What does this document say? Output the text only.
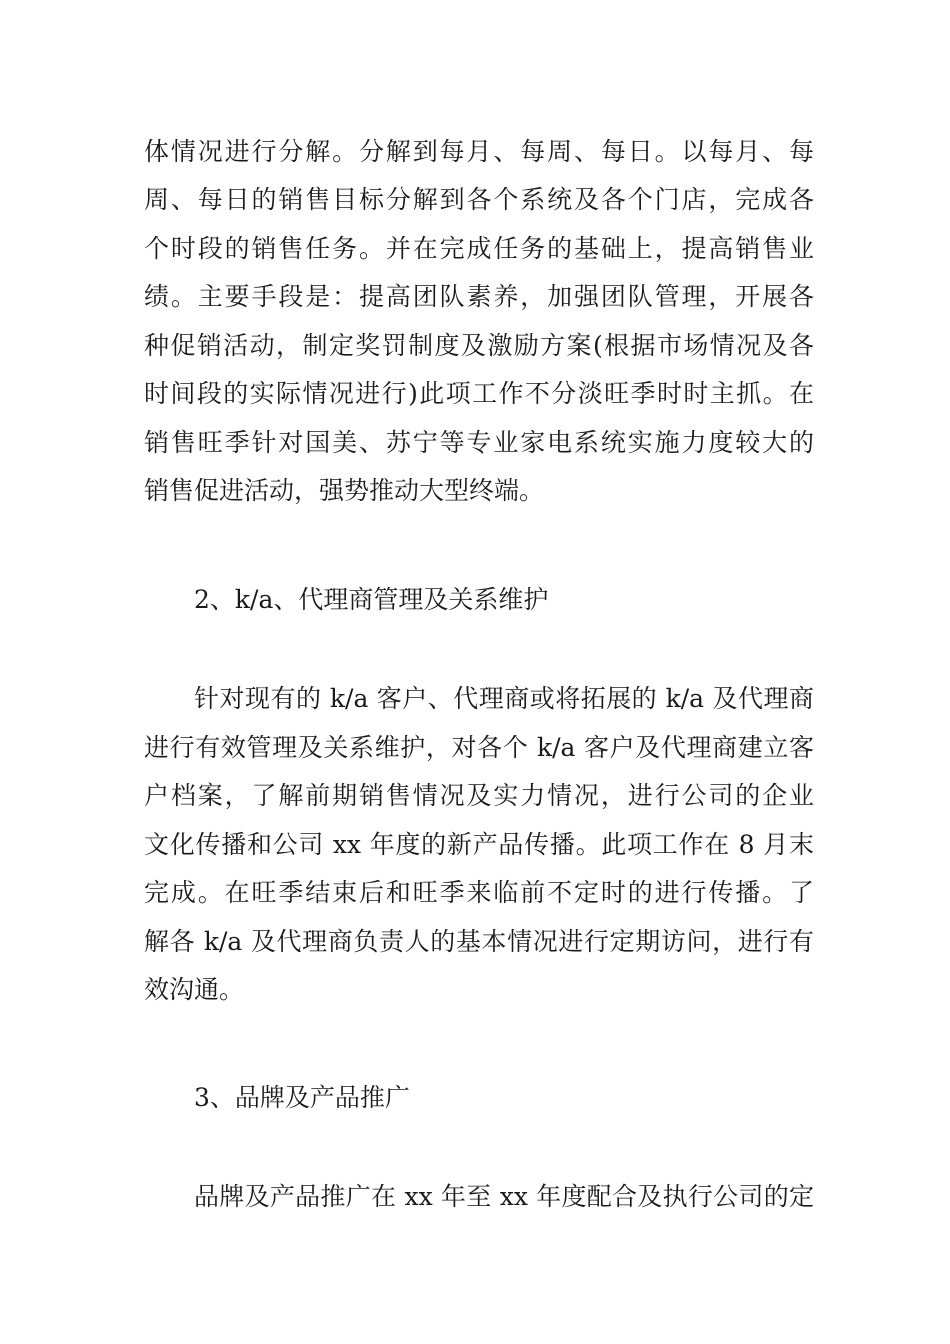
体情况进行分解。分解到每月、每周、每日。以每月、每
周、每日的销售目标分解到各个系统及各个门店，完成各
个时段的销售任务。并在完成任务的基础上，提高销售业
绩。主要手段是：提高团队素养，加强团队管理，开展各
种促销活动，制定奖罚制度及激励方案(根据市场情况及各
时间段的实际情况进行)此项工作不分淡旺季时时主抓。在
销售旺季针对国美、苏宁等专业家电系统实施力度较大的
销售促进活动，强势推动大型终端。
2、k/a、代理商管理及关系维护
针对现有的 k/a 客户、代理商或将拓展的 k/a 及代理商
进行有效管理及关系维护，对各个 k/a 客户及代理商建立客
户档案，了解前期销售情况及实力情况，进行公司的企业
文化传播和公司 xx 年度的新产品传播。此项工作在 8 月末
完成。在旺季结束后和旺季来临前不定时的进行传播。了
解各 k/a 及代理商负责人的基本情况进行定期访问，进行有
效沟通。
3、品牌及产品推广
品牌及产品推广在 xx 年至 xx 年度配合及执行公司的定
